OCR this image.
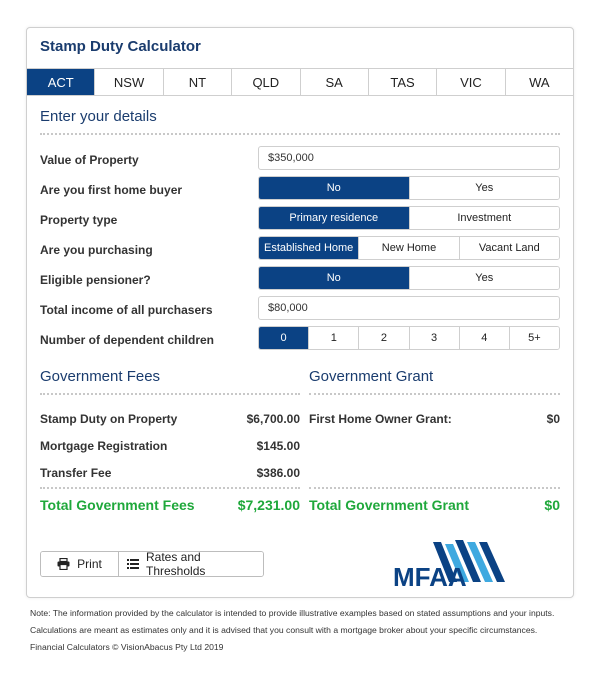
Stamp Duty Calculator
ACT	NSW	NT	QLD	SA	TAS	VIC	WA
Enter your details
Value of Property	$350,000
Are you first home buyer	No	Yes
Property type	Primary residence	Investment
Are you purchasing	Established Home	New Home	Vacant Land
Eligible pensioner?	No	Yes
Total income of all purchasers	$80,000
Number of dependent children	0	1	2	3	4	5+
Government Fees
Stamp Duty on Property	$6,700.00
Mortgage Registration	$145.00
Transfer Fee	$386.00
Total Government Fees	$7,231.00
Government Grant
First Home Owner Grant:	$0
Total Government Grant	$0
Print	Rates and Thresholds	MFAA
Note: The information provided by the calculator is intended to provide illustrative examples based on stated assumptions and your inputs. Calculations are meant as estimates only and it is advised that you consult with a mortgage broker about your specific circumstances. Financial Calculators © VisionAbacus Pty Ltd 2019
